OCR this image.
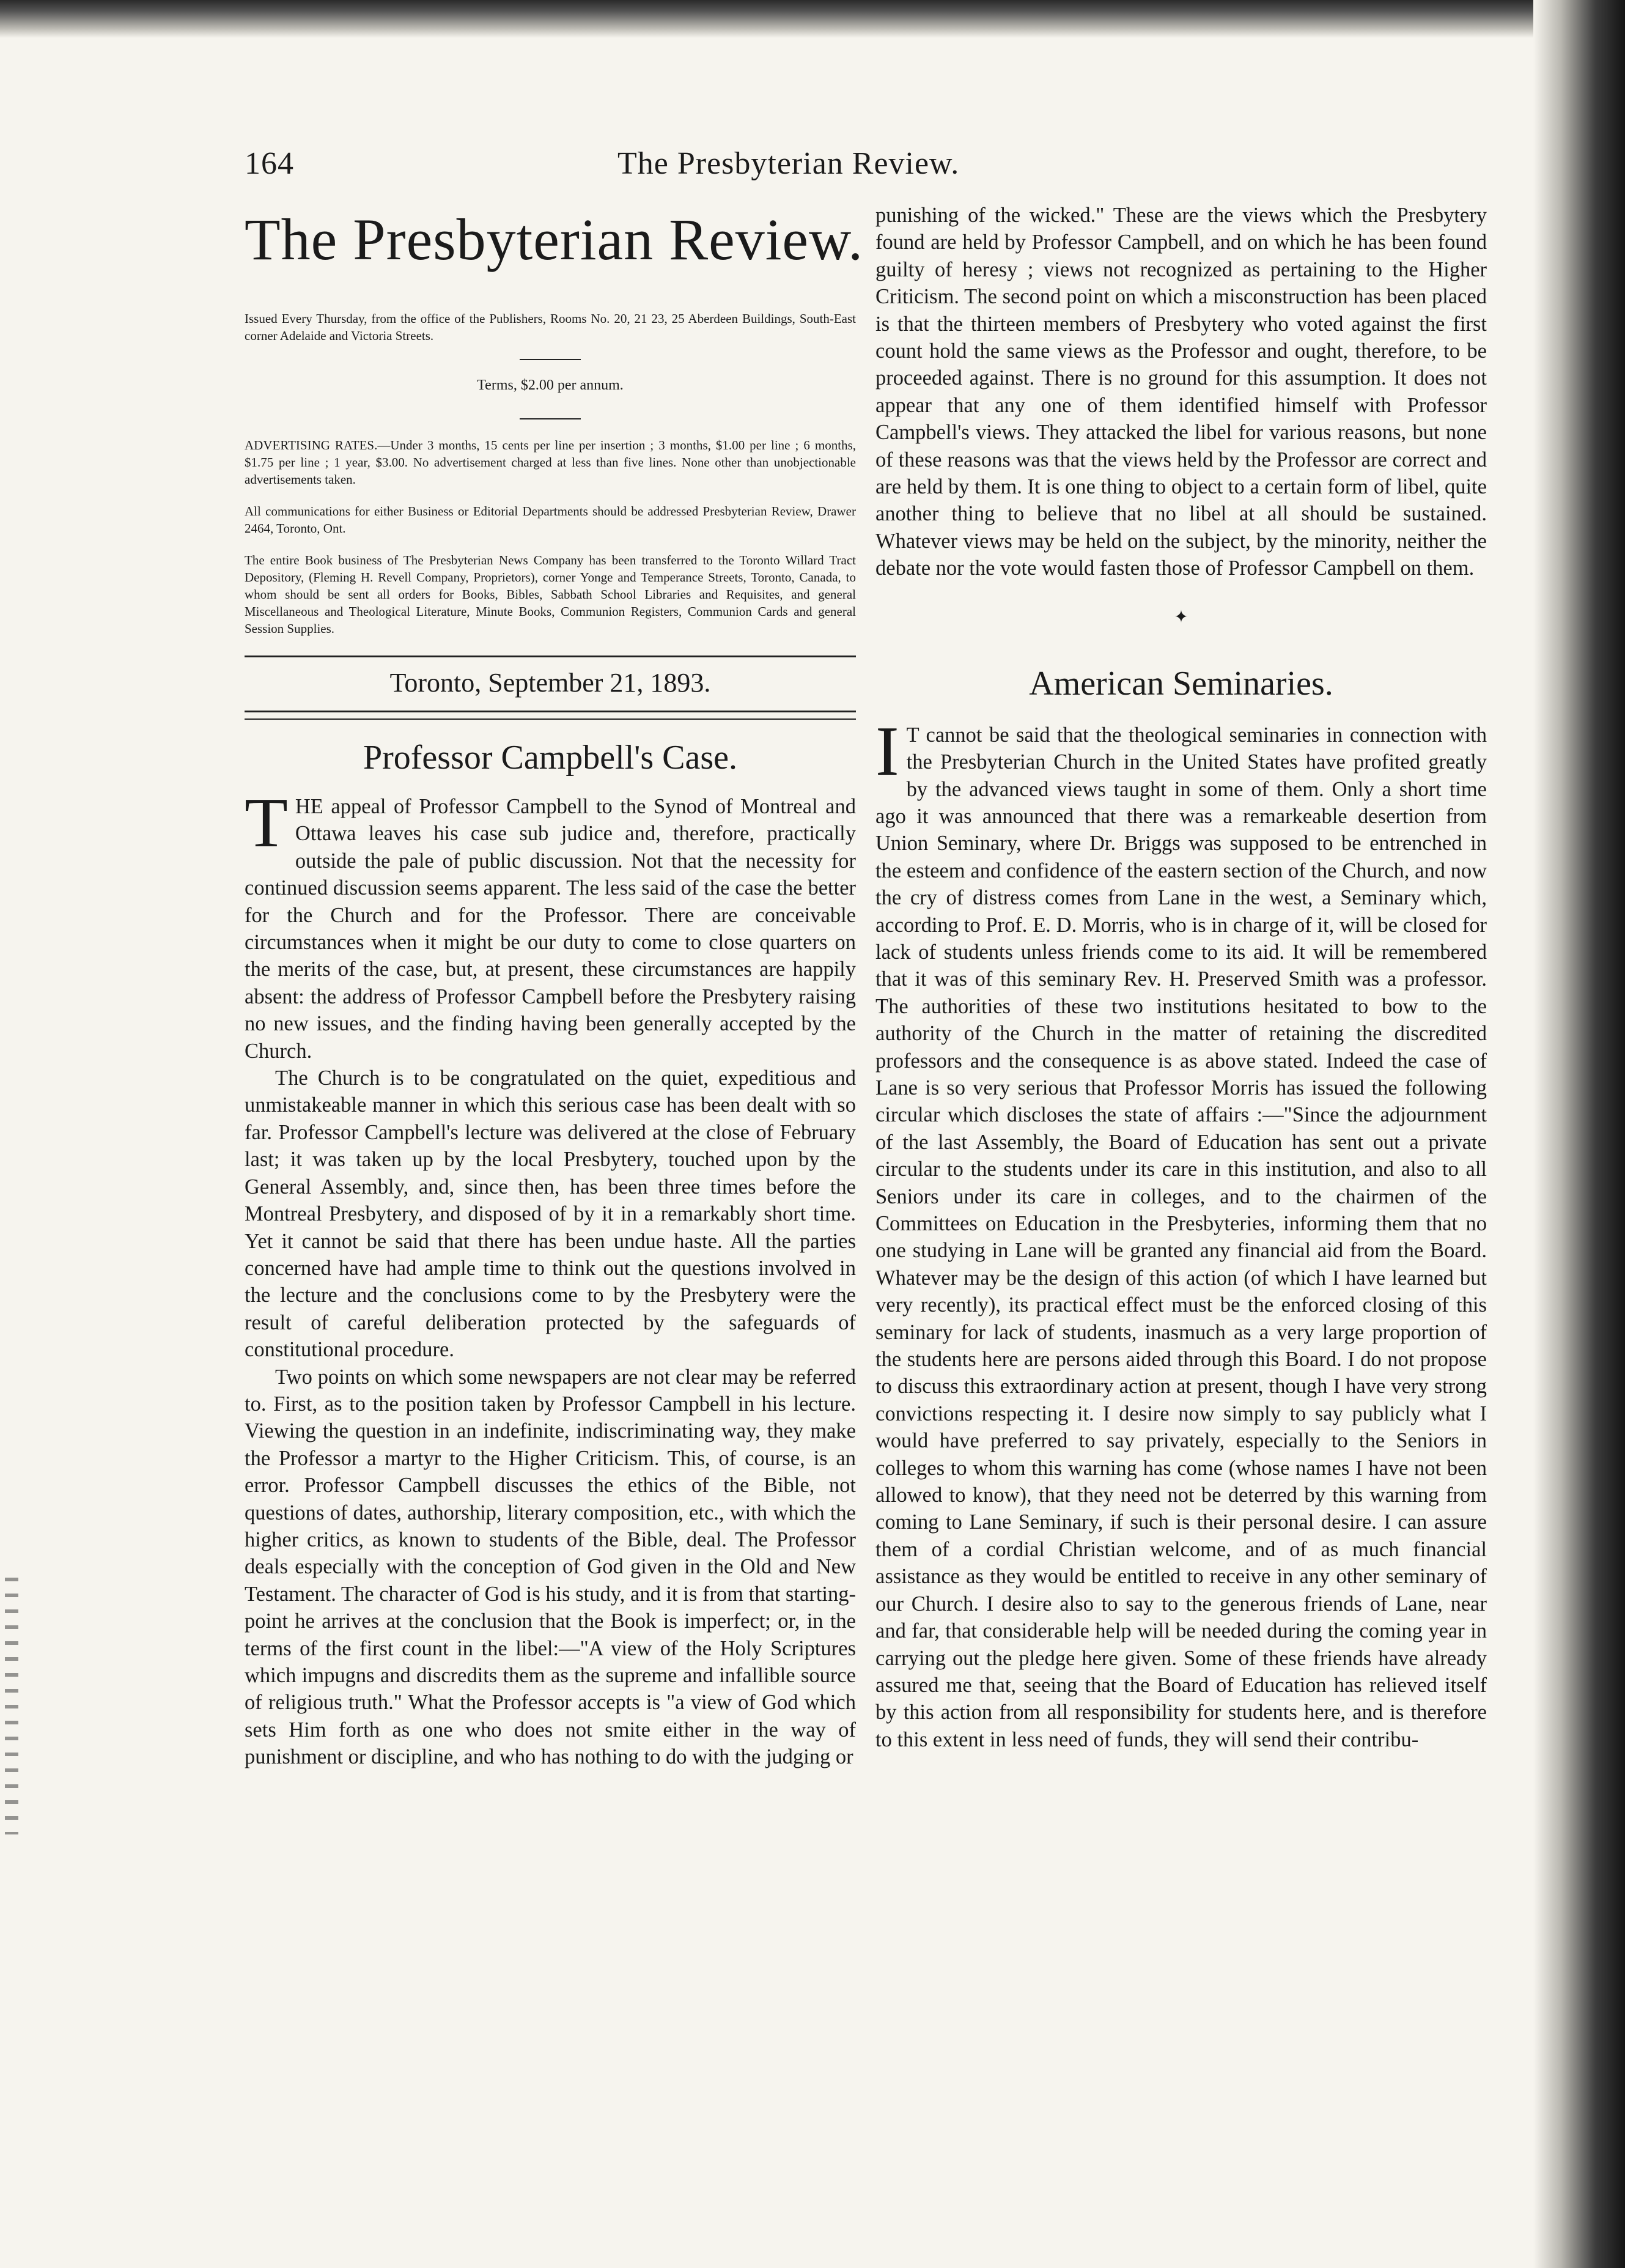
164	The Presbyterian Review.
The Presbyterian Review.

Issued Every Thursday, from the office of the Publishers, Rooms No. 20, 21 23, 25 Aberdeen Buildings, South-East corner Adelaide and Victoria Streets.

Terms, $2.00 per annum.

ADVERTISING RATES.—Under 3 months, 15 cents per line per insertion ; 3 months, $1.00 per line ; 6 months, $1.75 per line ; 1 year, $3.00. No advertisement charged at less than five lines. None other than unobjectionable advertisements taken.

All communications for either Business or Editorial Departments should be addressed Presbyterian Review, Drawer 2464, Toronto, Ont.

The entire Book business of The Presbyterian News Company has been transferred to the Toronto Willard Tract Depository, (Fleming H. Revell Company, Proprietors), corner Yonge and Temperance Streets, Toronto, Canada, to whom should be sent all orders for Books, Bibles, Sabbath School Libraries and Requisites, and general Miscellaneous and Theological Literature, Minute Books, Communion Registers, Communion Cards and general Session Supplies.

Toronto, September 21, 1893.
Professor Campbell's Case.

THE appeal of Professor Campbell to the Synod of Montreal and Ottawa leaves his case sub judice and, therefore, practically outside the pale of public discussion. Not that the necessity for continued discussion seems apparent. The less said of the case the better for the Church and for the Professor. There are conceivable circumstances when it might be our duty to come to close quarters on the merits of the case, but, at present, these circumstances are happily absent: the address of Professor Campbell before the Presbytery raising no new issues, and the finding having been generally accepted by the Church.

The Church is to be congratulated on the quiet, expeditious and unmistakeable manner in which this serious case has been dealt with so far. Professor Campbell's lecture was delivered at the close of February last; it was taken up by the local Presbytery, touched upon by the General Assembly, and, since then, has been three times before the Montreal Presbytery, and disposed of by it in a remarkably short time. Yet it cannot be said that there has been undue haste. All the parties concerned have had ample time to think out the questions involved in the lecture and the conclusions come to by the Presbytery were the result of careful deliberation protected by the safeguards of constitutional procedure.

Two points on which some newspapers are not clear may be referred to. First, as to the position taken by Professor Campbell in his lecture. Viewing the question in an indefinite, indiscriminating way, they make the Professor a martyr to the Higher Criticism. This, of course, is an error. Professor Campbell discusses the ethics of the Bible, not questions of dates, authorship, literary composition, etc., with which the higher critics, as known to students of the Bible, deal. The Professor deals especially with the conception of God given in the Old and New Testament. The character of God is his study, and it is from that starting-point he arrives at the conclusion that the Book is imperfect; or, in the terms of the first count in the libel:—"A view of the Holy Scriptures which impugns and discredits them as the supreme and infallible source of religious truth." What the Professor accepts is "a view of God which sets Him forth as one who does not smite either in the way of punishment or discipline, and who has nothing to do with the judging or

punishing of the wicked." These are the views which the Presbytery found are held by Professor Campbell, and on which he has been found guilty of heresy ; views not recognized as pertaining to the Higher Criticism. The second point on which a misconstruction has been placed is that the thirteen members of Presbytery who voted against the first count hold the same views as the Professor and ought, therefore, to be proceeded against. There is no ground for this assumption. It does not appear that any one of them identified himself with Professor Campbell's views. They attacked the libel for various reasons, but none of these reasons was that the views held by the Professor are correct and are held by them. It is one thing to object to a certain form of libel, quite another thing to believe that no libel at all should be sustained. Whatever views may be held on the subject, by the minority, neither the debate nor the vote would fasten those of Professor Campbell on them.

✦
American Seminaries.

I T cannot be said that the theological seminaries in connection with the Presbyterian Church in the United States have profited greatly by the advanced views taught in some of them. Only a short time ago it was announced that there was a remarkeable desertion from Union Seminary, where Dr. Briggs was supposed to be entrenched in the esteem and confidence of the eastern section of the Church, and now the cry of distress comes from Lane in the west, a Seminary which, according to Prof. E. D. Morris, who is in charge of it, will be closed for lack of students unless friends come to its aid. It will be remembered that it was of this seminary Rev. H. Preserved Smith was a professor. The authorities of these two institutions hesitated to bow to the authority of the Church in the matter of retaining the discredited professors and the consequence is as above stated. Indeed the case of Lane is so very serious that Professor Morris has issued the following circular which discloses the state of affairs :—"Since the adjournment of the last Assembly, the Board of Education has sent out a private circular to the students under its care in this institution, and also to all Seniors under its care in colleges, and to the chairmen of the Committees on Education in the Presbyteries, informing them that no one studying in Lane will be granted any financial aid from the Board. Whatever may be the design of this action (of which I have learned but very recently), its practical effect must be the enforced closing of this seminary for lack of students, inasmuch as a very large proportion of the students here are persons aided through this Board. I do not propose to discuss this extraordinary action at present, though I have very strong convictions respecting it. I desire now simply to say publicly what I would have preferred to say privately, especially to the Seniors in colleges to whom this warning has come (whose names I have not been allowed to know), that they need not be deterred by this warning from coming to Lane Seminary, if such is their personal desire. I can assure them of a cordial Christian welcome, and of as much financial assistance as they would be entitled to receive in any other seminary of our Church. I desire also to say to the generous friends of Lane, near and far, that considerable help will be needed during the coming year in carrying out the pledge here given. Some of these friends have already assured me that, seeing that the Board of Education has relieved itself by this action from all responsibility for students here, and is therefore to this extent in less need of funds, they will send their contribu-
